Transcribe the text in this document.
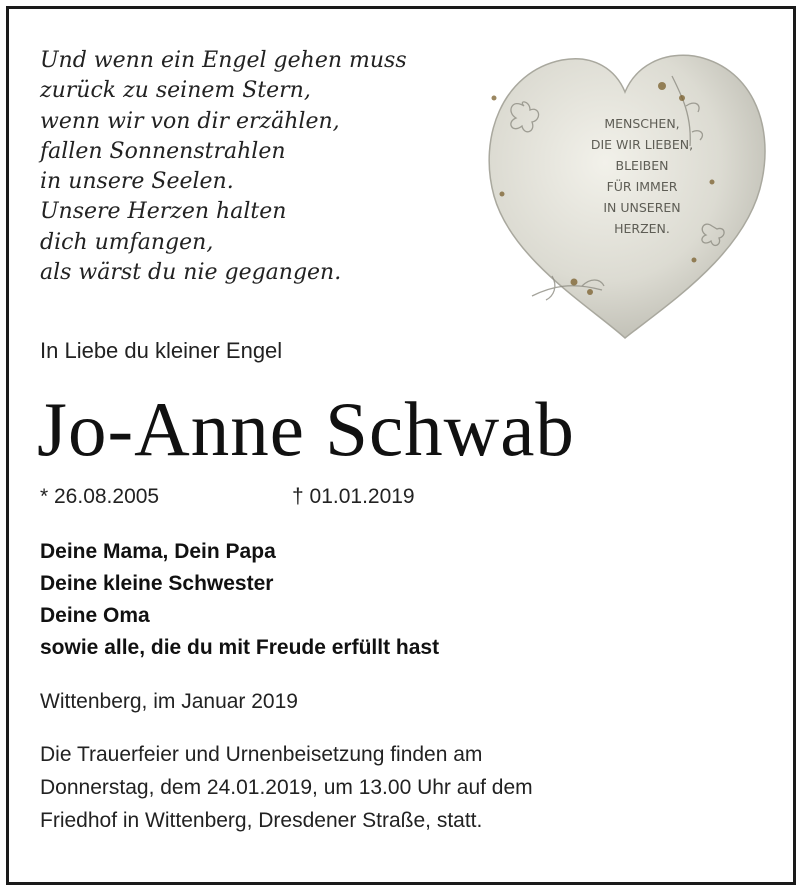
Und wenn ein Engel gehen muss
zurück zu seinem Stern,
wenn wir von dir erzählen,
fallen Sonnenstrahlen
in unsere Seelen.
Unsere Herzen halten
dich umfangen,
als wärst du nie gegangen.
MENSCHEN,
DIE WIR LIEBEN,
BLEIBEN
FÜR IMMER
IN UNSEREN
HERZEN.
In Liebe du kleiner Engel
Jo-Anne Schwab
* 26.08.2005	† 01.01.2019
Deine Mama, Dein Papa
Deine kleine Schwester
Deine Oma
sowie alle, die du mit Freude erfüllt hast
Wittenberg, im Januar 2019
Die Trauerfeier und Urnenbeisetzung finden am
Donnerstag, dem 24.01.2019, um 13.00 Uhr auf dem
Friedhof in Wittenberg, Dresdener Straße, statt.
